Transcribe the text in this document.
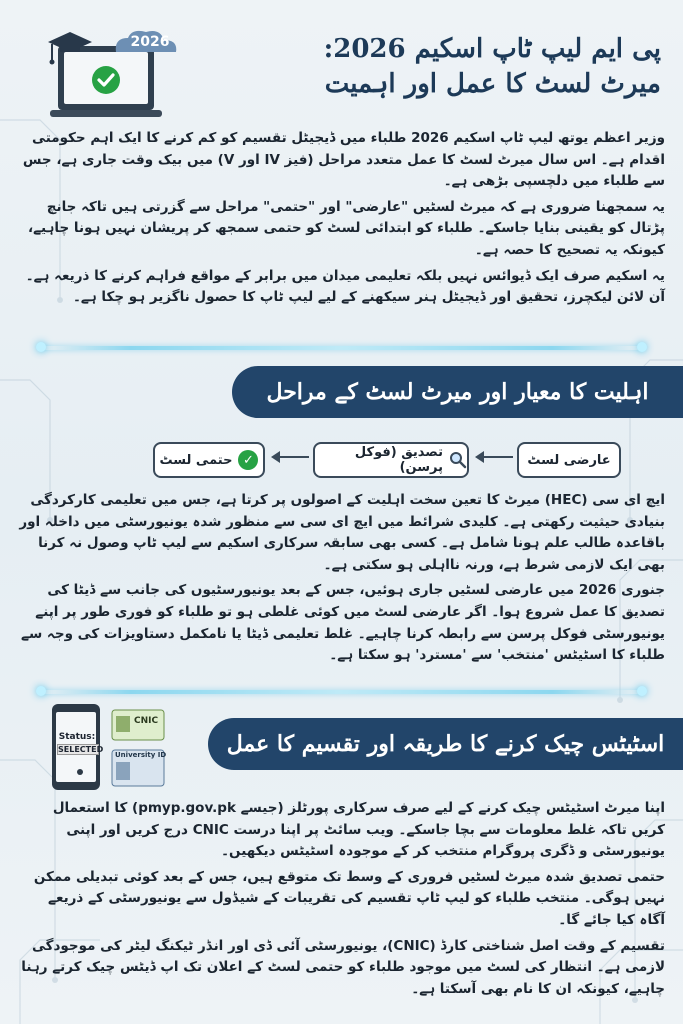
2026	پی ایم لیپ ٹاپ اسکیم 2026:
میرٹ لسٹ کا عمل اور اہمیت

وزیر اعظم یوتھ لیپ ٹاپ اسکیم 2026 طلباء میں ڈیجیٹل تقسیم کو کم کرنے کا ایک اہم حکومتی اقدام ہے۔ اس سال میرٹ لسٹ کا عمل متعدد مراحل (فیز IV اور V) میں بیک وقت جاری ہے، جس سے طلباء میں دلچسپی بڑھی ہے۔

یہ سمجھنا ضروری ہے کہ میرٹ لسٹیں "عارضی" اور "حتمی" مراحل سے گزرتی ہیں تاکہ جانچ پڑتال کو یقینی بنایا جاسکے۔ طلباء کو ابتدائی لسٹ کو حتمی سمجھ کر پریشان نہیں ہونا چاہیے، کیونکہ یہ تصحیح کا حصہ ہے۔

یہ اسکیم صرف ایک ڈیوائس نہیں بلکہ تعلیمی میدان میں برابر کے مواقع فراہم کرنے کا ذریعہ ہے۔ آن لائن لیکچرز، تحقیق اور ڈیجیٹل ہنر سیکھنے کے لیے لیپ ٹاپ کا حصول ناگزیر ہو چکا ہے۔

اہلیت کا معیار اور میرٹ لسٹ کے مراحل
عارضی لسٹ
تصدیق (فوکل پرسن)
✓
حتمی لسٹ

ایچ ای سی (HEC) میرٹ کا تعین سخت اہلیت کے اصولوں پر کرتا ہے، جس میں تعلیمی کارکردگی بنیادی حیثیت رکھتی ہے۔ کلیدی شرائط میں ایچ ای سی سے منظور شدہ یونیورسٹی میں داخلہ اور باقاعدہ طالب علم ہونا شامل ہے۔ کسی بھی سابقہ سرکاری اسکیم سے لیپ ٹاپ وصول نہ کرنا بھی ایک لازمی شرط ہے، ورنہ نااہلی ہو سکتی ہے۔

جنوری 2026 میں عارضی لسٹیں جاری ہوئیں، جس کے بعد یونیورسٹیوں کی جانب سے ڈیٹا کی تصدیق کا عمل شروع ہوا۔ اگر عارضی لسٹ میں کوئی غلطی ہو تو طلباء کو فوری طور پر اپنے یونیورسٹی فوکل پرسن سے رابطہ کرنا چاہیے۔ غلط تعلیمی ڈیٹا یا نامکمل دستاویزات کی وجہ سے طلباء کا اسٹیٹس 'منتخب' سے 'مسترد' ہو سکتا ہے۔

Status:
SELECTED
CNIC
University ID	اسٹیٹس چیک کرنے کا طریقہ اور تقسیم کا عمل

اپنا میرٹ اسٹیٹس چیک کرنے کے لیے صرف سرکاری پورٹلز (جیسے pmyp.gov.pk) کا استعمال کریں تاکہ غلط معلومات سے بچا جاسکے۔ ویب سائٹ پر اپنا درست CNIC درج کریں اور اپنی یونیورسٹی و ڈگری پروگرام منتخب کر کے موجودہ اسٹیٹس دیکھیں۔

حتمی تصدیق شدہ میرٹ لسٹیں فروری کے وسط تک متوقع ہیں، جس کے بعد کوئی تبدیلی ممکن نہیں ہوگی۔ منتخب طلباء کو لیپ ٹاپ تقسیم کی تقریبات کے شیڈول سے یونیورسٹی کے ذریعے آگاہ کیا جائے گا۔

تقسیم کے وقت اصل شناختی کارڈ (CNIC)، یونیورسٹی آئی ڈی اور انڈر ٹیکنگ لیٹر کی موجودگی لازمی ہے۔ انتظار کی لسٹ میں موجود طلباء کو حتمی لسٹ کے اعلان تک اپ ڈیٹس چیک کرتے رہنا چاہیے، کیونکہ ان کا نام بھی آسکتا ہے۔
